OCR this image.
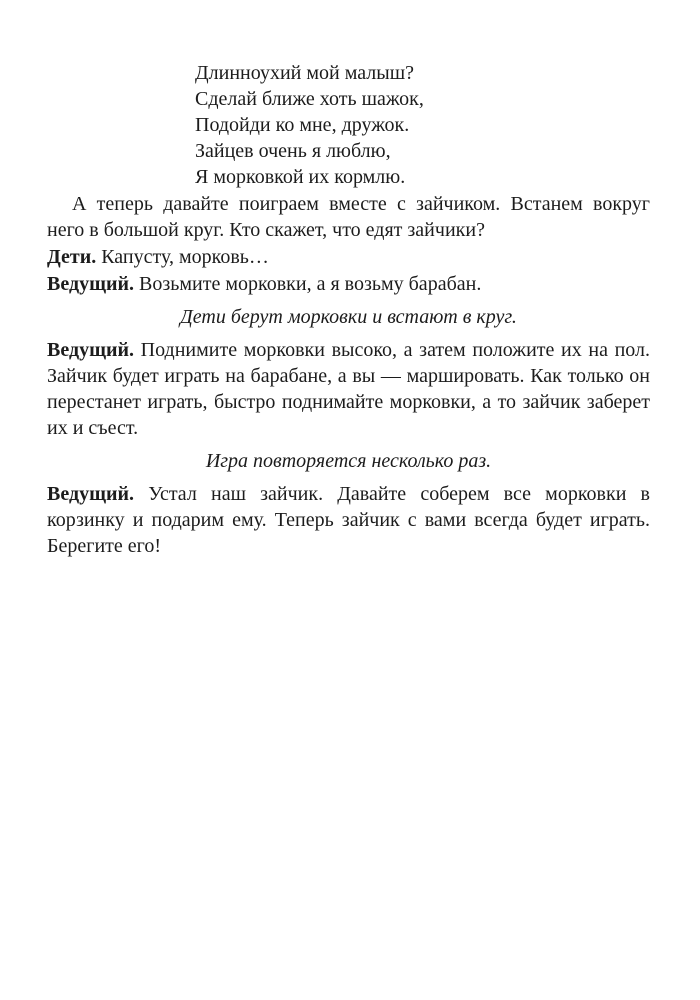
Длинноухий мой малыш?
Сделай ближе хоть шажок,
Подойди ко мне, дружок.
Зайцев очень я люблю,
Я морковкой их кормлю.

А теперь давайте поиграем вместе с зайчиком. Встанем вокруг него в большой круг. Кто скажет, что едят зайчики?

Дети. Капусту, морковь…

Ведущий. Возьмите морковки, а я возьму барабан.

Дети берут морковки и встают в круг.

Ведущий. Поднимите морковки высоко, а затем положите их на пол. Зайчик будет играть на барабане, а вы — маршировать. Как только он перестанет играть, быстро поднимайте морковки, а то зайчик заберет их и съест.

Игра повторяется несколько раз.

Ведущий. Устал наш зайчик. Давайте соберем все морковки в корзинку и подарим ему. Теперь зайчик с вами всегда будет играть. Берегите его!
